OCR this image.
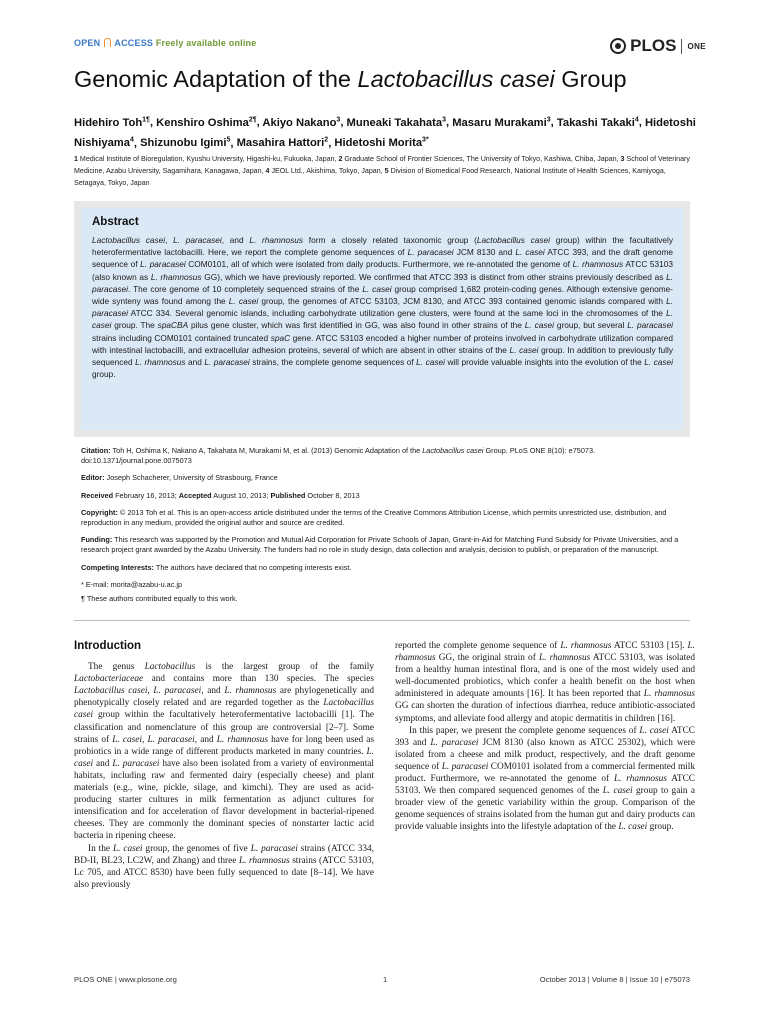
OPEN ACCESS Freely available online	PLOS ONE
Genomic Adaptation of the Lactobacillus casei Group
Hidehiro Toh$^{1\P}$, Kenshiro Oshima$^{2\P}$, Akiyo Nakano$^3$, Muneaki Takahata$^3$, Masaru Murakami$^3$, Takashi Takaki$^4$, Hidetoshi Nishiyama$^4$, Shizunobu Igimi$^5$, Masahira Hattori$^2$, Hidetoshi Morita$^{3*}$
1 Medical Institute of Bioregulation, Kyushu University, Higashi-ku, Fukuoka, Japan, 2 Graduate School of Frontier Sciences, The University of Tokyo, Kashiwa, Chiba, Japan, 3 School of Veterinary Medicine, Azabu University, Sagamihara, Kanagawa, Japan, 4 JEOL Ltd., Akishima, Tokyo, Japan, 5 Division of Biomedical Food Research, National Institute of Health Sciences, Kamiyoga, Setagaya, Tokyo, Japan
Abstract
Lactobacillus casei, L. paracasei, and L. rhamnosus form a closely related taxonomic group (Lactobacillus casei group) within the facultatively heterofermentative lactobacilli. Here, we report the complete genome sequences of L. paracasei JCM 8130 and L. casei ATCC 393, and the draft genome sequence of L. paracasei COM0101, all of which were isolated from daily products. Furthermore, we re-annotated the genome of L. rhamnosus ATCC 53103 (also known as L. rhamnosus GG), which we have previously reported. We confirmed that ATCC 393 is distinct from other strains previously described as L. paracasei. The core genome of 10 completely sequenced strains of the L. casei group comprised 1,682 protein-coding genes. Although extensive genome-wide synteny was found among the L. casei group, the genomes of ATCC 53103, JCM 8130, and ATCC 393 contained genomic islands compared with L. paracasei ATCC 334. Several genomic islands, including carbohydrate utilization gene clusters, were found at the same loci in the chromosomes of the L. casei group. The spaCBA pilus gene cluster, which was first identified in GG, was also found in other strains of the L. casei group, but several L. paracasei strains including COM0101 contained truncated spaC gene. ATCC 53103 encoded a higher number of proteins involved in carbohydrate utilization compared with intestinal lactobacilli, and extracellular adhesion proteins, several of which are absent in other strains of the L. casei group. In addition to previously fully sequenced L. rhamnosus and L. paracasei strains, the complete genome sequences of L. casei will provide valuable insights into the evolution of the L. casei group.

Citation: Toh H, Oshima K, Nakano A, Takahata M, Murakami M, et al. (2013) Genomic Adaptation of the Lactobacillus casei Group. PLoS ONE 8(10): e75073. doi:10.1371/journal.pone.0075073

Editor: Joseph Schacherer, University of Strasbourg, France

Received February 16, 2013; Accepted August 10, 2013; Published October 8, 2013

Copyright: © 2013 Toh et al. This is an open-access article distributed under the terms of the Creative Commons Attribution License, which permits unrestricted use, distribution, and reproduction in any medium, provided the original author and source are credited.

Funding: This research was supported by the Promotion and Mutual Aid Corporation for Private Schools of Japan, Grant-in-Aid for Matching Fund Subsidy for Private Universities, and a research project grant awarded by the Azabu University. The funders had no role in study design, data collection and analysis, decision to publish, or preparation of the manuscript.

Competing Interests: The authors have declared that no competing interests exist.

* E-mail: morita@azabu-u.ac.jp

¶ These authors contributed equally to this work.

Introduction

The genus Lactobacillus is the largest group of the family Lactobacteriaceae and contains more than 130 species. The species Lactobacillus casei, L. paracasei, and L. rhamnosus are phylogenetically and phenotypically closely related and are regarded together as the Lactobacillus casei group within the facultatively heterofermentative lactobacilli [1]. The classification and nomenclature of this group are controversial [2–7]. Some strains of L. casei, L. paracasei, and L. rhamnosus have for long been used as probiotics in a wide range of different products marketed in many countries. L. casei and L. paracasei have also been isolated from a variety of environmental habitats, including raw and fermented dairy (especially cheese) and plant materials (e.g., wine, pickle, silage, and kimchi). They are used as acid-producing starter cultures in milk fermentation as adjunct cultures for intensification and for acceleration of flavor development in bacterial-ripened cheeses. They are commonly the dominant species of nonstarter lactic acid bacteria in ripening cheese.

In the L. casei group, the genomes of five L. paracasei strains (ATCC 334, BD-II, BL23, LC2W, and Zhang) and three L. rhamnosus strains (ATCC 53103, Lc 705, and ATCC 8530) have been fully sequenced to date [8–14]. We have also previously

reported the complete genome sequence of L. rhamnosus ATCC 53103 [15]. L. rhamnosus GG, the original strain of L. rhamnosus ATCC 53103, was isolated from a healthy human intestinal flora, and is one of the most widely used and well-documented probiotics, which confer a health benefit on the host when administered in adequate amounts [16]. It has been reported that L. rhamnosus GG can shorten the duration of infectious diarrhea, reduce antibiotic-associated symptoms, and alleviate food allergy and atopic dermatitis in children [16].

In this paper, we present the complete genome sequences of L. casei ATCC 393 and L. paracasei JCM 8130 (also known as ATCC 25302), which were isolated from a cheese and milk product, respectively, and the draft genome sequence of L. paracasei COM0101 isolated from a commercial fermented milk product. Furthermore, we re-annotated the genome of L. rhamnosus ATCC 53103. We then compared sequenced genomes of the L. casei group to gain a broader view of the genetic variability within the group. Comparison of the genome sequences of strains isolated from the human gut and dairy products can provide valuable insights into the lifestyle adaptation of the L. casei group.

PLOS ONE | www.plosone.org	1	October 2013 | Volume 8 | Issue 10 | e75073
